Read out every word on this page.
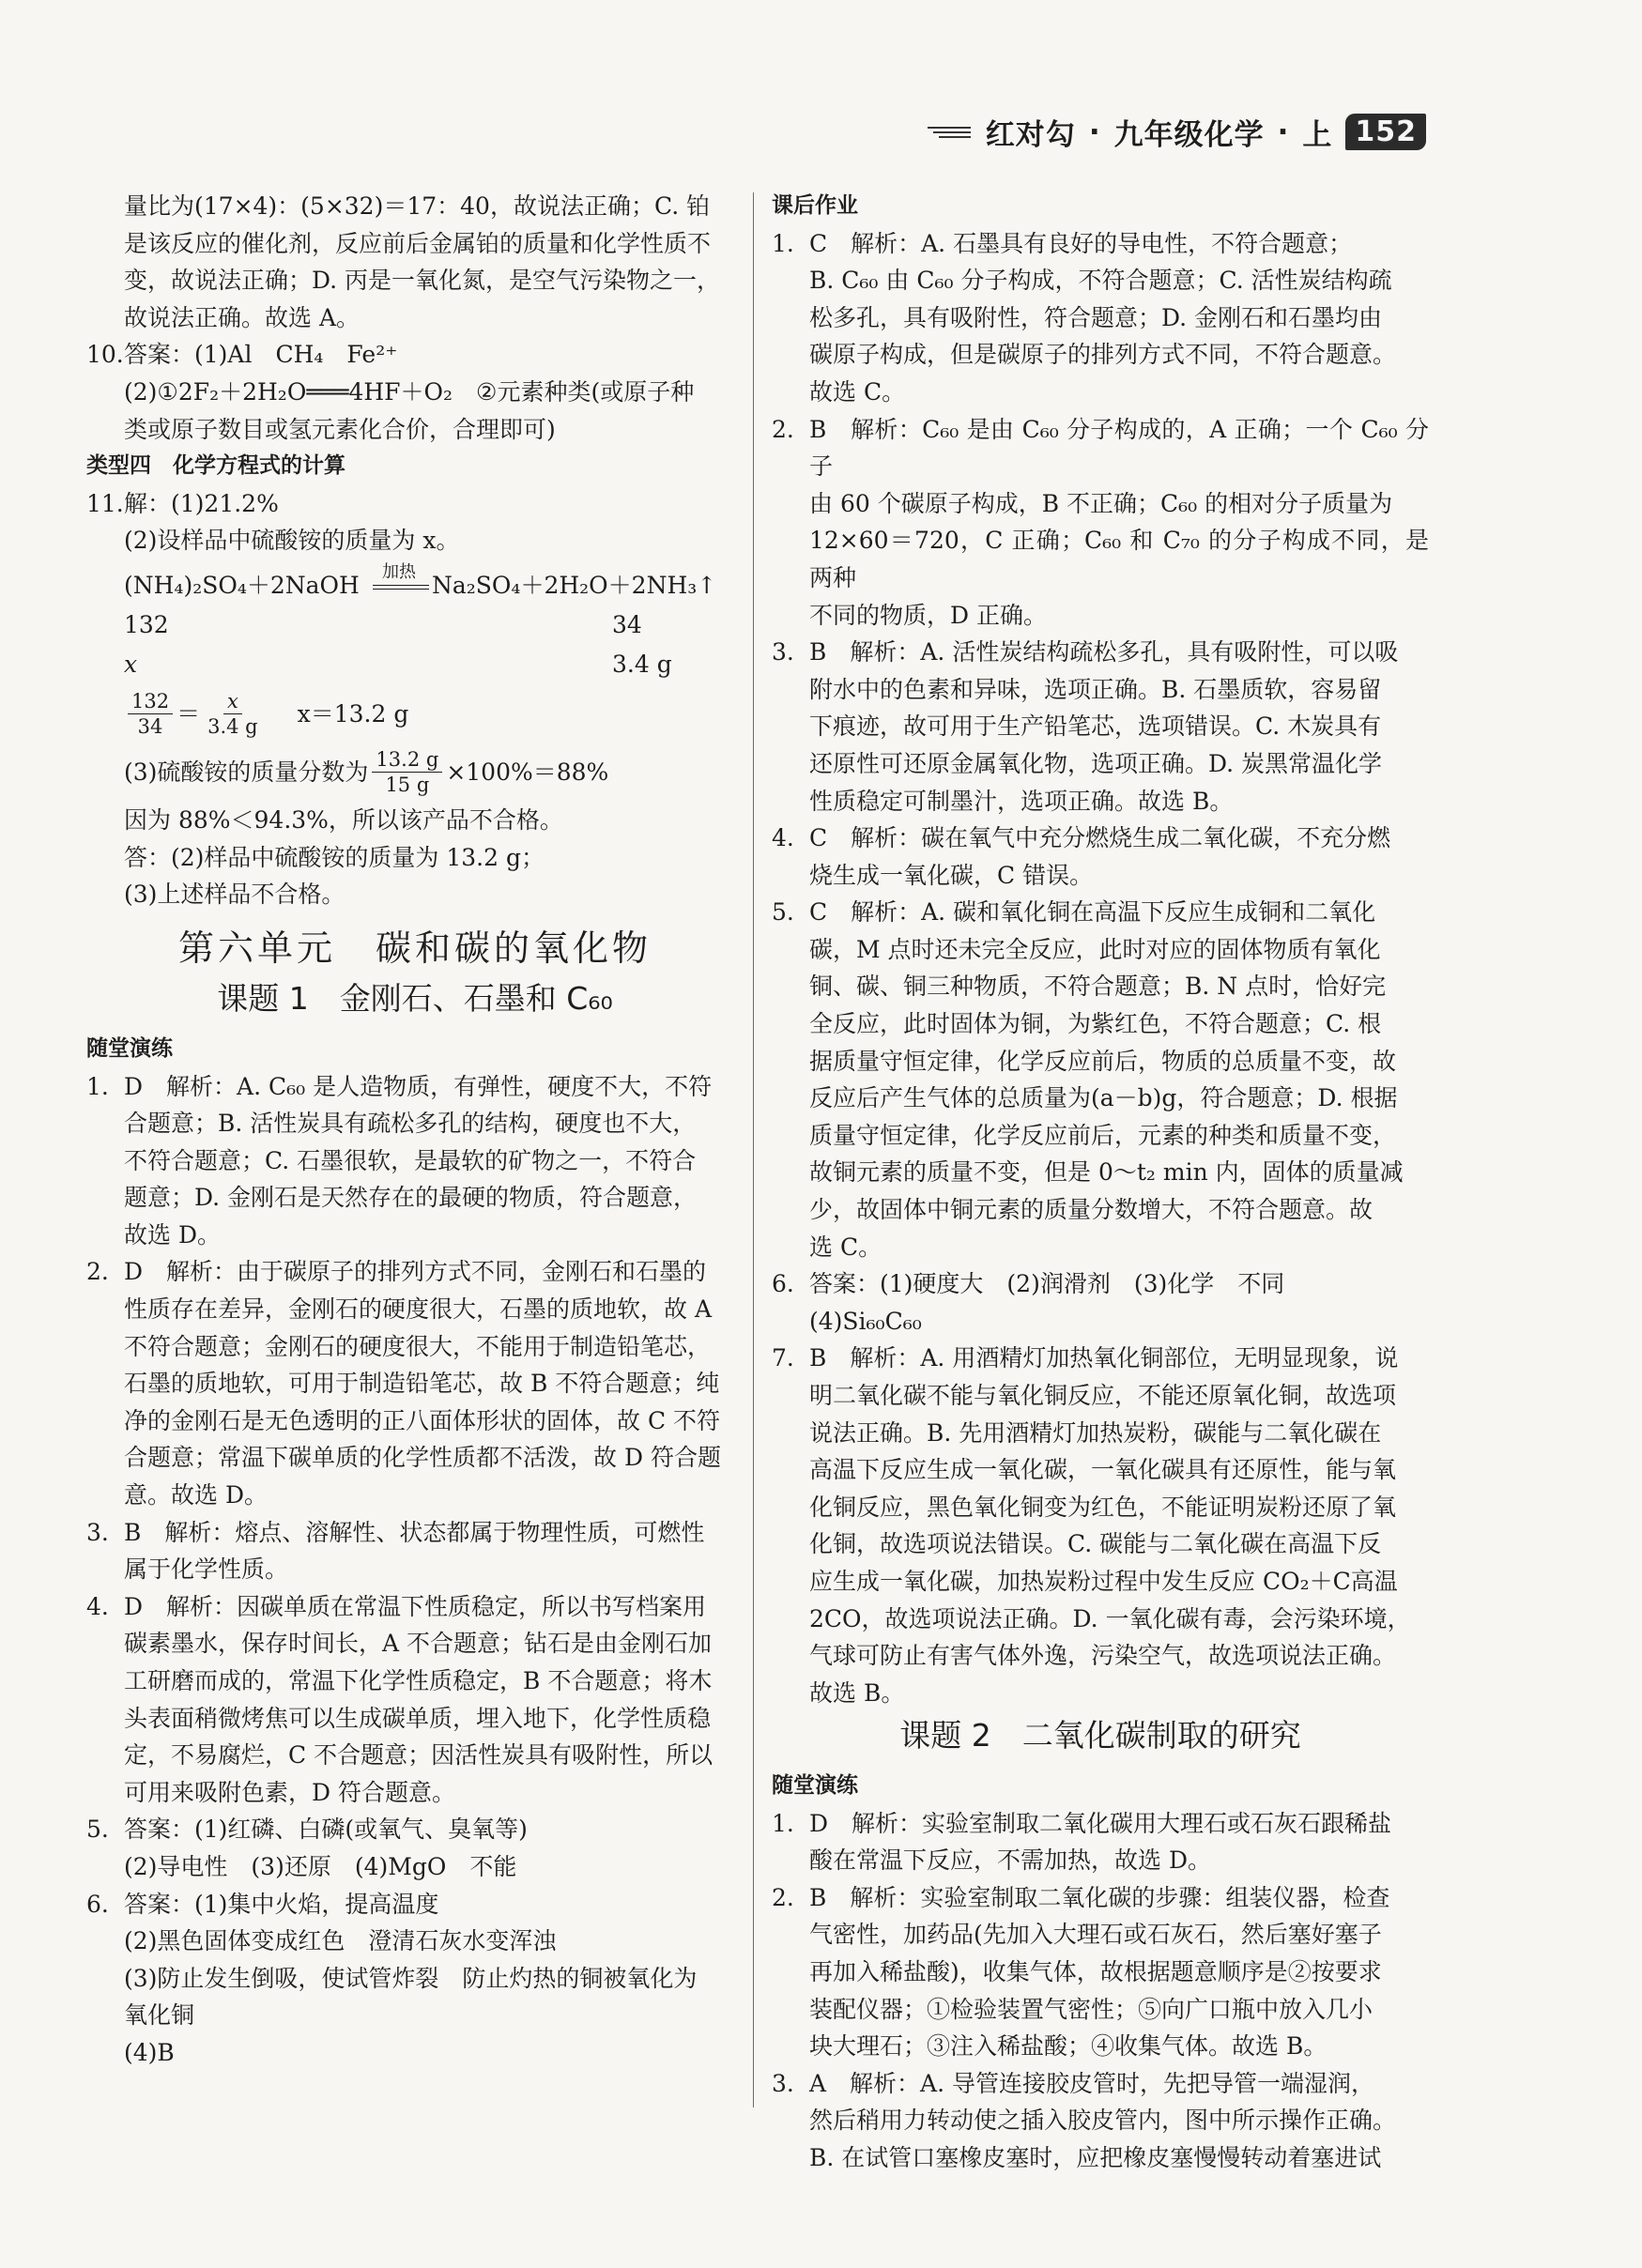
红对勾 · 九年级化学 · 上 152

量比为(17×4)：(5×32)＝17：40，故说法正确；C. 铂

是该反应的催化剂，反应前后金属铂的质量和化学性质不

变，故说法正确；D. 丙是一氧化氮，是空气污染物之一，

故说法正确。故选 A。

10. 答案：(1)Al　CH₄　Fe²⁺

(2)①2F₂＋2H₂O═══4HF＋O₂　②元素种类(或原子种

类或原子数目或氢元素化合价，合理即可)

类型四　化学方程式的计算

11. 解：(1)21.2%

(2)设样品中硫酸铵的质量为 x。

(NH₄)₂SO₄＋2NaOH 加热 Na₂SO₄＋2H₂O＋2NH₃↑
132	34
x	3.4 g
$\frac{132}{34} = \frac{x}{3.4 g} x=13.2$ g
(3)硫酸铵的质量分数为 $\frac{13.2 g}{15 g} \times 100\%=88\%$

因为 88%＜94.3%，所以该产品不合格。

答：(2)样品中硫酸铵的质量为 13.2 g；

(3)上述样品不合格。

第六单元　碳和碳的氧化物
课题 1　金刚石、石墨和 C₆₀

随堂演练

1. D　解析：A. C₆₀ 是人造物质，有弹性，硬度不大，不符

合题意；B. 活性炭具有疏松多孔的结构，硬度也不大，

不符合题意；C. 石墨很软，是最软的矿物之一，不符合

题意；D. 金刚石是天然存在的最硬的物质，符合题意，

故选 D。

2. D　解析：由于碳原子的排列方式不同，金刚石和石墨的

性质存在差异，金刚石的硬度很大，石墨的质地软，故 A

不符合题意；金刚石的硬度很大，不能用于制造铅笔芯，

石墨的质地软，可用于制造铅笔芯，故 B 不符合题意；纯

净的金刚石是无色透明的正八面体形状的固体，故 C 不符

合题意；常温下碳单质的化学性质都不活泼，故 D 符合题

意。故选 D。

3. B　解析：熔点、溶解性、状态都属于物理性质，可燃性

属于化学性质。

4. D　解析：因碳单质在常温下性质稳定，所以书写档案用

碳素墨水，保存时间长，A 不合题意；钻石是由金刚石加

工研磨而成的，常温下化学性质稳定，B 不合题意；将木

头表面稍微烤焦可以生成碳单质，埋入地下，化学性质稳

定，不易腐烂，C 不合题意；因活性炭具有吸附性，所以

可用来吸附色素，D 符合题意。

5. 答案：(1)红磷、白磷(或氧气、臭氧等)

(2)导电性　(3)还原　(4)MgO　不能

6. 答案：(1)集中火焰，提高温度

(2)黑色固体变成红色　澄清石灰水变浑浊

(3)防止发生倒吸，使试管炸裂　防止灼热的铜被氧化为

氧化铜

(4)B

课后作业

1. C　解析：A. 石墨具有良好的导电性，不符合题意；

B. C₆₀ 由 C₆₀ 分子构成，不符合题意；C. 活性炭结构疏

松多孔，具有吸附性，符合题意；D. 金刚石和石墨均由

碳原子构成，但是碳原子的排列方式不同，不符合题意。

故选 C。

2. B　解析：C₆₀ 是由 C₆₀ 分子构成的，A 正确；一个 C₆₀ 分子

由 60 个碳原子构成，B 不正确；C₆₀ 的相对分子质量为

12×60＝720，C 正确；C₆₀ 和 C₇₀ 的分子构成不同，是两种

不同的物质，D 正确。

3. B　解析：A. 活性炭结构疏松多孔，具有吸附性，可以吸

附水中的色素和异味，选项正确。B. 石墨质软，容易留

下痕迹，故可用于生产铅笔芯，选项错误。C. 木炭具有

还原性可还原金属氧化物，选项正确。D. 炭黑常温化学

性质稳定可制墨汁，选项正确。故选 B。

4. C　解析：碳在氧气中充分燃烧生成二氧化碳，不充分燃

烧生成一氧化碳，C 错误。

5. C　解析：A. 碳和氧化铜在高温下反应生成铜和二氧化

碳，M 点时还未完全反应，此时对应的固体物质有氧化

铜、碳、铜三种物质，不符合题意；B. N 点时，恰好完

全反应，此时固体为铜，为紫红色，不符合题意；C. 根

据质量守恒定律，化学反应前后，物质的总质量不变，故

反应后产生气体的总质量为(a－b)g，符合题意；D. 根据

质量守恒定律，化学反应前后，元素的种类和质量不变，

故铜元素的质量不变，但是 0～t₂ min 内，固体的质量减

少，故固体中铜元素的质量分数增大，不符合题意。故

选 C。

6. 答案：(1)硬度大　(2)润滑剂　(3)化学　不同

(4)Si₆₀C₆₀

7. B　解析：A. 用酒精灯加热氧化铜部位，无明显现象，说

明二氧化碳不能与氧化铜反应，不能还原氧化铜，故选项

说法正确。B. 先用酒精灯加热炭粉，碳能与二氧化碳在

高温下反应生成一氧化碳，一氧化碳具有还原性，能与氧

化铜反应，黑色氧化铜变为红色，不能证明炭粉还原了氧

化铜，故选项说法错误。C. 碳能与二氧化碳在高温下反

应生成一氧化碳，加热炭粉过程中发生反应 CO₂＋C高温

2CO，故选项说法正确。D. 一氧化碳有毒，会污染环境，

气球可防止有害气体外逸，污染空气，故选项说法正确。

故选 B。

课题 2　二氧化碳制取的研究

随堂演练

1. D　解析：实验室制取二氧化碳用大理石或石灰石跟稀盐

酸在常温下反应，不需加热，故选 D。

2. B　解析：实验室制取二氧化碳的步骤：组装仪器，检查

气密性，加药品(先加入大理石或石灰石，然后塞好塞子

再加入稀盐酸)，收集气体，故根据题意顺序是②按要求

装配仪器；①检验装置气密性；⑤向广口瓶中放入几小

块大理石；③注入稀盐酸；④收集气体。故选 B。

3. A　解析：A. 导管连接胶皮管时，先把导管一端湿润，

然后稍用力转动使之插入胶皮管内，图中所示操作正确。

B. 在试管口塞橡皮塞时，应把橡皮塞慢慢转动着塞进试
